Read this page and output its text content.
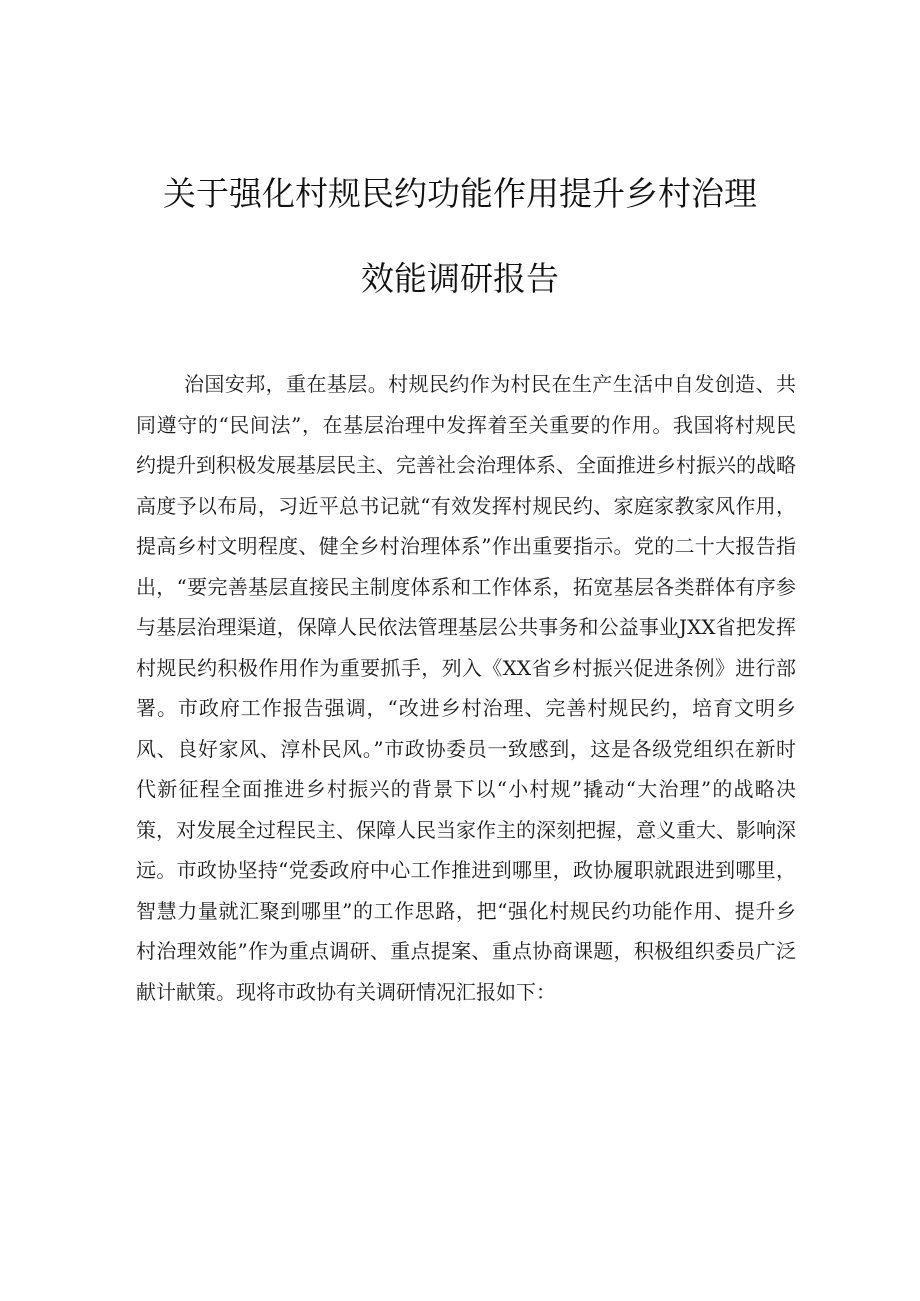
关于强化村规民约功能作用提升乡村治理
效能调研报告

治国安邦，重在基层。村规民约作为村民在生产生活中自发创造、共同遵守的“民间法”，在基层治理中发挥着至关重要的作用。我国将村规民约提升到积极发展基层民主、完善社会治理体系、全面推进乡村振兴的战略高度予以布局，习近平总书记就“有效发挥村规民约、家庭家教家风作用，提高乡村文明程度、健全乡村治理体系”作出重要指示。党的二十大报告指出，“要完善基层直接民主制度体系和工作体系，拓宽基层各类群体有序参与基层治理渠道，保障人民依法管理基层公共事务和公益事业JXX省把发挥村规民约积极作用作为重要抓手，列入《XX省乡村振兴促进条例》进行部署。市政府工作报告强调，“改进乡村治理、完善村规民约，培育文明乡风、良好家风、淳朴民风。”市政协委员一致感到，这是各级党组织在新时代新征程全面推进乡村振兴的背景下以“小村规”撬动“大治理”的战略决策，对发展全过程民主、保障人民当家作主的深刻把握，意义重大、影响深远。市政协坚持“党委政府中心工作推进到哪里，政协履职就跟进到哪里，智慧力量就汇聚到哪里”的工作思路，把“强化村规民约功能作用、提升乡村治理效能”作为重点调研、重点提案、重点协商课题，积极组织委员广泛献计献策。现将市政协有关调研情况汇报如下：
